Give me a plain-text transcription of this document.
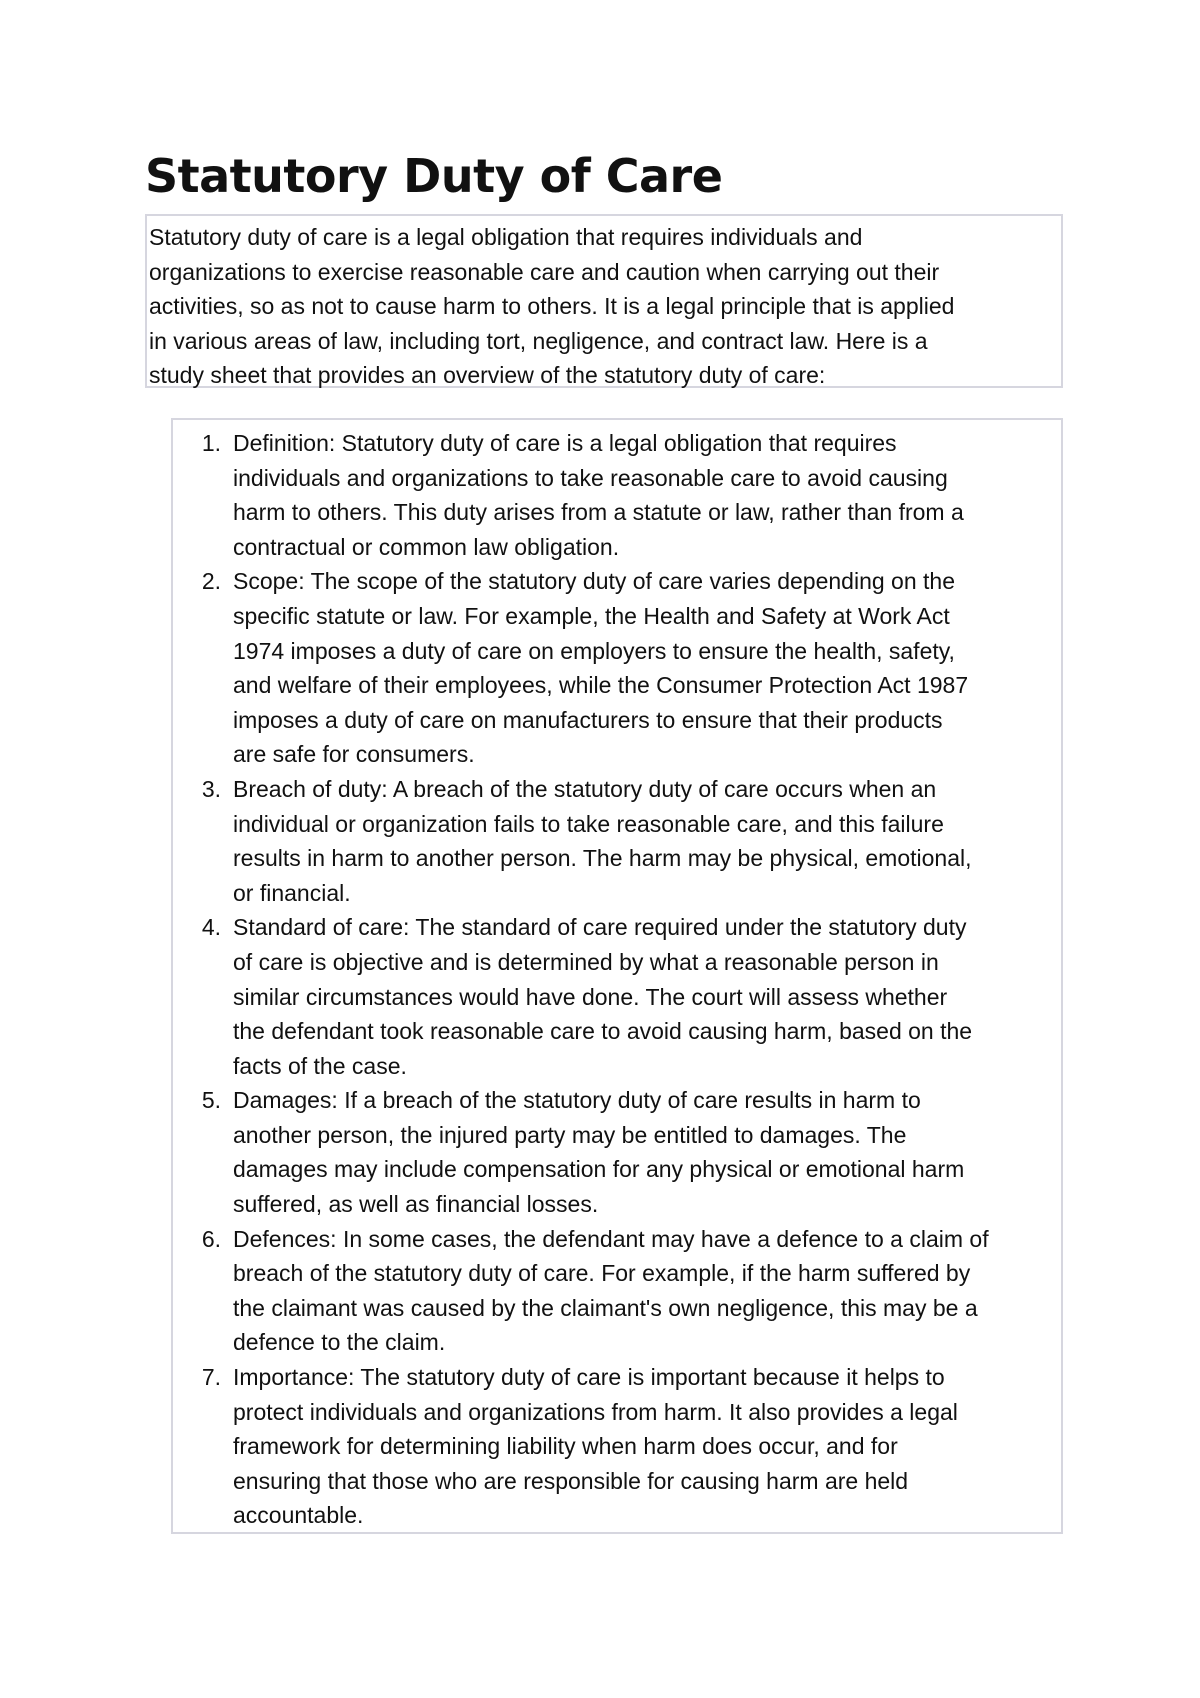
Statutory Duty of Care

Statutory duty of care is a legal obligation that requires individuals and
organizations to exercise reasonable care and caution when carrying out their
activities, so as not to cause harm to others. It is a legal principle that is applied
in various areas of law, including tort, negligence, and contract law. Here is a
study sheet that provides an overview of the statutory duty of care:

1. Definition: Statutory duty of care is a legal obligation that requires
individuals and organizations to take reasonable care to avoid causing
harm to others. This duty arises from a statute or law, rather than from a
contractual or common law obligation.
2. Scope: The scope of the statutory duty of care varies depending on the
specific statute or law. For example, the Health and Safety at Work Act
1974 imposes a duty of care on employers to ensure the health, safety,
and welfare of their employees, while the Consumer Protection Act 1987
imposes a duty of care on manufacturers to ensure that their products
are safe for consumers.
3. Breach of duty: A breach of the statutory duty of care occurs when an
individual or organization fails to take reasonable care, and this failure
results in harm to another person. The harm may be physical, emotional,
or financial.
4. Standard of care: The standard of care required under the statutory duty
of care is objective and is determined by what a reasonable person in
similar circumstances would have done. The court will assess whether
the defendant took reasonable care to avoid causing harm, based on the
facts of the case.
5. Damages: If a breach of the statutory duty of care results in harm to
another person, the injured party may be entitled to damages. The
damages may include compensation for any physical or emotional harm
suffered, as well as financial losses.
6. Defences: In some cases, the defendant may have a defence to a claim of
breach of the statutory duty of care. For example, if the harm suffered by
the claimant was caused by the claimant's own negligence, this may be a
defence to the claim.
7. Importance: The statutory duty of care is important because it helps to
protect individuals and organizations from harm. It also provides a legal
framework for determining liability when harm does occur, and for
ensuring that those who are responsible for causing harm are held
accountable.
